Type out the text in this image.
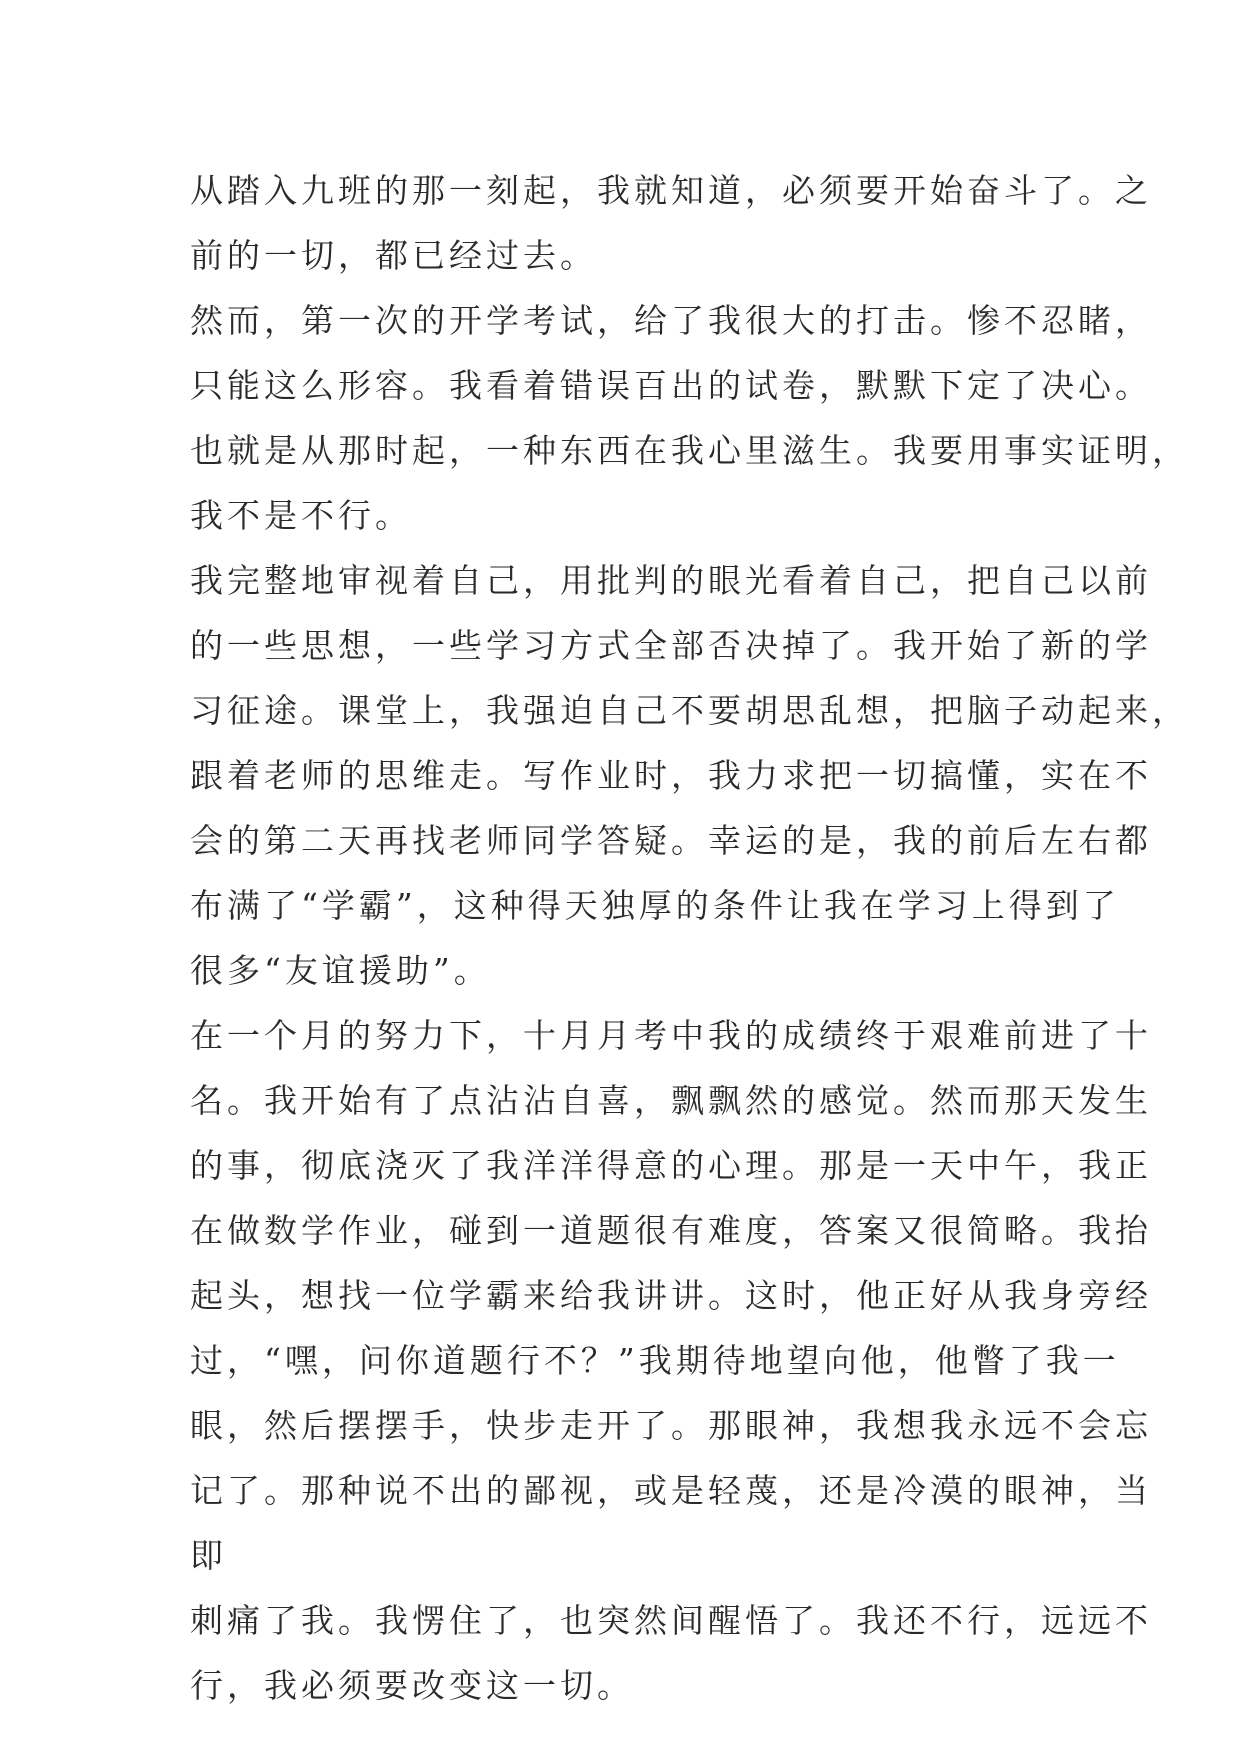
从踏入九班的那一刻起，我就知道，必须要开始奋斗了。之
前的一切，都已经过去。
然而，第一次的开学考试，给了我很大的打击。惨不忍睹，
只能这么形容。我看着错误百出的试卷，默默下定了决心。
也就是从那时起，一种东西在我心里滋生。我要用事实证明，
我不是不行。
我完整地审视着自己，用批判的眼光看着自己，把自己以前
的一些思想，一些学习方式全部否决掉了。我开始了新的学
习征途。课堂上，我强迫自己不要胡思乱想，把脑子动起来，
跟着老师的思维走。写作业时，我力求把一切搞懂，实在不
会的第二天再找老师同学答疑。幸运的是，我的前后左右都
布满了“学霸”，这种得天独厚的条件让我在学习上得到了
很多“友谊援助”。
在一个月的努力下，十月月考中我的成绩终于艰难前进了十
名。我开始有了点沾沾自喜，飘飘然的感觉。然而那天发生
的事，彻底浇灭了我洋洋得意的心理。那是一天中午，我正
在做数学作业，碰到一道题很有难度，答案又很简略。我抬
起头，想找一位学霸来给我讲讲。这时，他正好从我身旁经
过，“嘿，问你道题行不？”我期待地望向他，他瞥了我一
眼，然后摆摆手，快步走开了。那眼神，我想我永远不会忘
记了。那种说不出的鄙视，或是轻蔑，还是冷漠的眼神，当
即
刺痛了我。我愣住了，也突然间醒悟了。我还不行，远远不
行，我必须要改变这一切。
